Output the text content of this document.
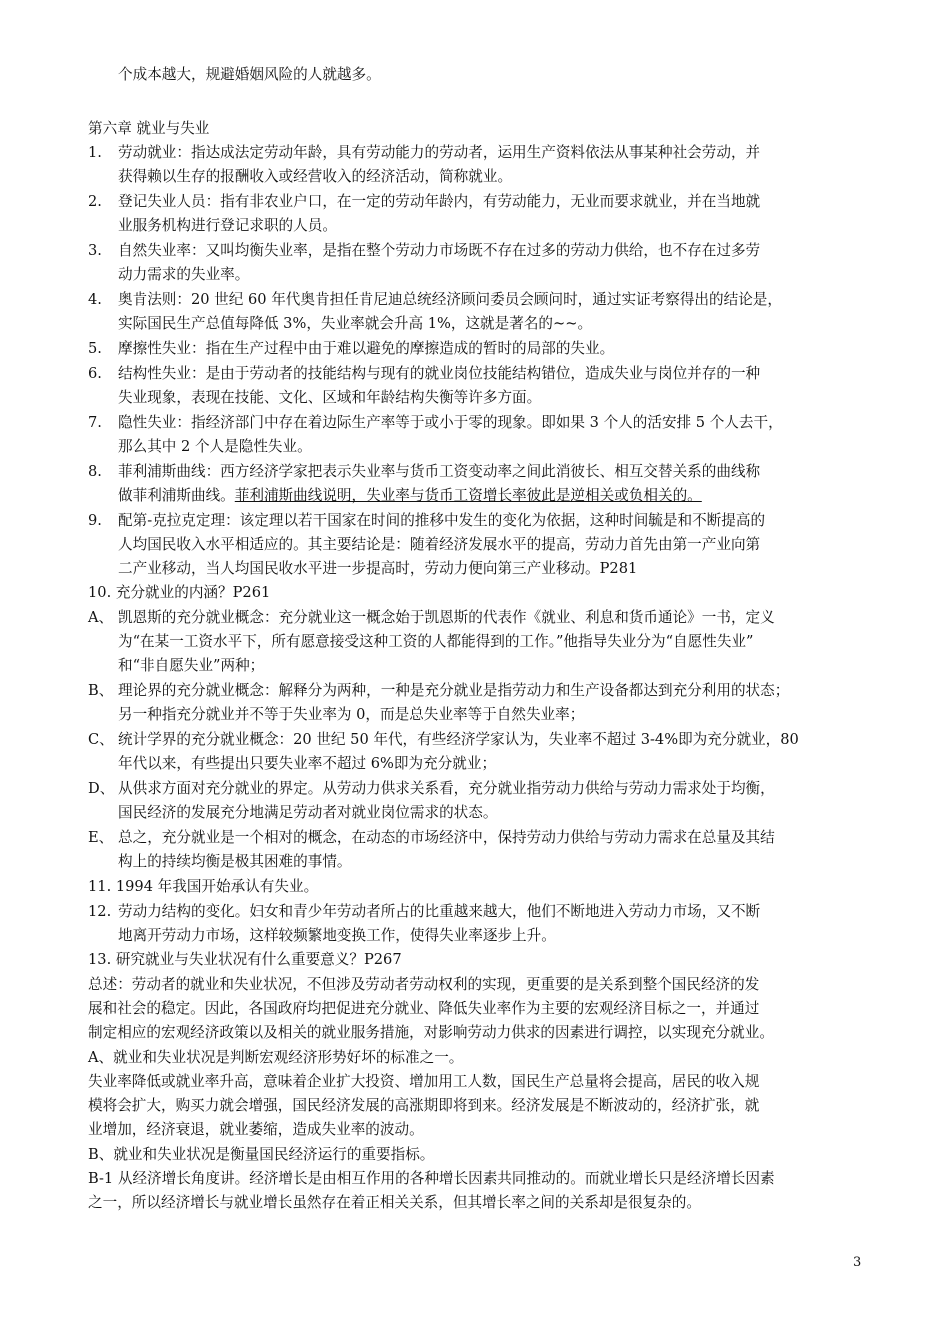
个成本越大，规避婚姻风险的人就越多。
第六章 就业与失业
1. 劳动就业：指达成法定劳动年龄，具有劳动能力的劳动者，运用生产资料依法从事某种社会劳动，并
获得赖以生存的报酬收入或经营收入的经济活动，简称就业。
2. 登记失业人员：指有非农业户口，在一定的劳动年龄内，有劳动能力，无业而要求就业，并在当地就
业服务机构进行登记求职的人员。
3. 自然失业率：又叫均衡失业率，是指在整个劳动力市场既不存在过多的劳动力供给，也不存在过多劳
动力需求的失业率。
4. 奥肯法则：20 世纪 60 年代奥肯担任肯尼迪总统经济顾问委员会顾问时，通过实证考察得出的结论是，
实际国民生产总值每降低 3%，失业率就会升高 1%，这就是著名的~~。
5. 摩擦性失业：指在生产过程中由于难以避免的摩擦造成的暂时的局部的失业。
6. 结构性失业：是由于劳动者的技能结构与现有的就业岗位技能结构错位，造成失业与岗位并存的一种
失业现象，表现在技能、文化、区域和年龄结构失衡等许多方面。
7. 隐性失业：指经济部门中存在着边际生产率等于或小于零的现象。即如果 3 个人的活安排 5 个人去干，
那么其中 2 个人是隐性失业。
8. 菲利浦斯曲线：西方经济学家把表示失业率与货币工资变动率之间此消彼长、相互交替关系的曲线称
做菲利浦斯曲线。菲利浦斯曲线说明，失业率与货币工资增长率彼此是逆相关或负相关的。
9. 配第-克拉克定理：该定理以若干国家在时间的推移中发生的变化为依据，这种时间毓是和不断提高的
人均国民收入水平相适应的。其主要结论是：随着经济发展水平的提高，劳动力首先由第一产业向第
二产业移动，当人均国民收水平进一步提高时，劳动力便向第三产业移动。P281
10. 充分就业的内涵？P261
A、 凯恩斯的充分就业概念：充分就业这一概念始于凯恩斯的代表作《就业、利息和货币通论》一书，定义
为“在某一工资水平下，所有愿意接受这种工资的人都能得到的工作。”他指导失业分为“自愿性失业”
和“非自愿失业”两种；
B、 理论界的充分就业概念：解释分为两种，一种是充分就业是指劳动力和生产设备都达到充分利用的状态；
另一种指充分就业并不等于失业率为 0，而是总失业率等于自然失业率；
C、 统计学界的充分就业概念：20 世纪 50 年代，有些经济学家认为，失业率不超过 3-4%即为充分就业，80
年代以来，有些提出只要失业率不超过 6%即为充分就业；
D、 从供求方面对充分就业的界定。从劳动力供求关系看，充分就业指劳动力供给与劳动力需求处于均衡，
国民经济的发展充分地满足劳动者对就业岗位需求的状态。
E、 总之，充分就业是一个相对的概念，在动态的市场经济中，保持劳动力供给与劳动力需求在总量及其结
构上的持续均衡是极其困难的事情。
11. 1994 年我国开始承认有失业。
12. 劳动力结构的变化。妇女和青少年劳动者所占的比重越来越大，他们不断地进入劳动力市场，又不断
地离开劳动力市场，这样较频繁地变换工作，使得失业率逐步上升。
13. 研究就业与失业状况有什么重要意义？P267
总述：劳动者的就业和失业状况，不但涉及劳动者劳动权利的实现，更重要的是关系到整个国民经济的发
展和社会的稳定。因此，各国政府均把促进充分就业、降低失业率作为主要的宏观经济目标之一，并通过
制定相应的宏观经济政策以及相关的就业服务措施，对影响劳动力供求的因素进行调控，以实现充分就业。
A、就业和失业状况是判断宏观经济形势好坏的标准之一。
失业率降低或就业率升高，意味着企业扩大投资、增加用工人数，国民生产总量将会提高，居民的收入规
模将会扩大，购买力就会增强，国民经济发展的高涨期即将到来。经济发展是不断波动的，经济扩张，就
业增加，经济衰退，就业萎缩，造成失业率的波动。
B、就业和失业状况是衡量国民经济运行的重要指标。
B-1 从经济增长角度讲。经济增长是由相互作用的各种增长因素共同推动的。而就业增长只是经济增长因素
之一，所以经济增长与就业增长虽然存在着正相关关系，但其增长率之间的关系却是很复杂的。
3
